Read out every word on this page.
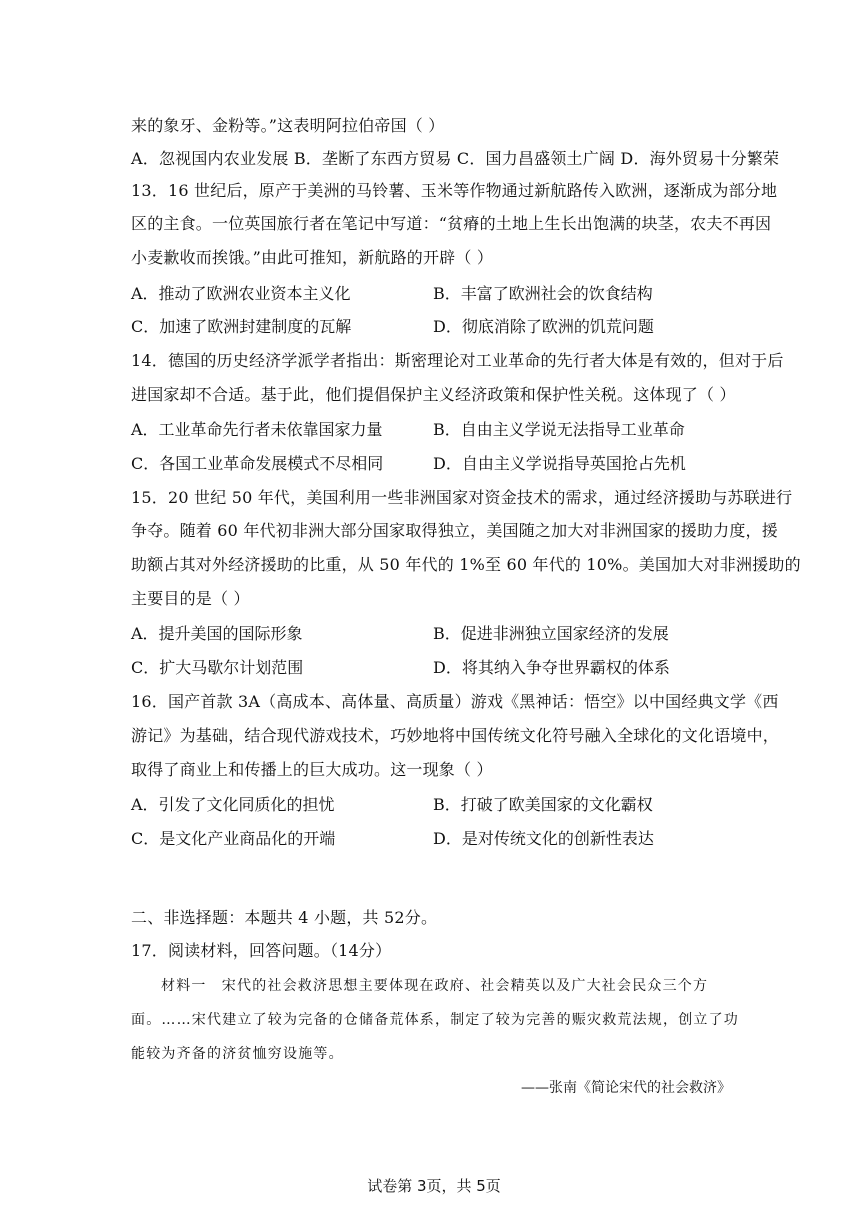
来的象牙、金粉等。”这表明阿拉伯帝国（ ）
A．忽视国内农业发展 B．垄断了东西方贸易 C．国力昌盛领土广阔 D．海外贸易十分繁荣
13．16 世纪后，原产于美洲的马铃薯、玉米等作物通过新航路传入欧洲，逐渐成为部分地
区的主食。一位英国旅行者在笔记中写道：“贫瘠的土地上生长出饱满的块茎，农夫不再因
小麦歉收而挨饿。”由此可推知，新航路的开辟（ ）
A．推动了欧洲农业资本主义化	B．丰富了欧洲社会的饮食结构
C．加速了欧洲封建制度的瓦解	D．彻底消除了欧洲的饥荒问题
14．德国的历史经济学派学者指出：斯密理论对工业革命的先行者大体是有效的，但对于后
进国家却不合适。基于此，他们提倡保护主义经济政策和保护性关税。这体现了（ ）
A．工业革命先行者未依靠国家力量	B．自由主义学说无法指导工业革命
C．各国工业革命发展模式不尽相同	D．自由主义学说指导英国抢占先机
15．20 世纪 50 年代，美国利用一些非洲国家对资金技术的需求，通过经济援助与苏联进行
争夺。随着 60 年代初非洲大部分国家取得独立，美国随之加大对非洲国家的援助力度，援
助额占其对外经济援助的比重，从 50 年代的 1%至 60 年代的 10%。美国加大对非洲援助的
主要目的是（ ）
A．提升美国的国际形象	B．促进非洲独立国家经济的发展
C．扩大马歇尔计划范围	D．将其纳入争夺世界霸权的体系
16．国产首款 3A（高成本、高体量、高质量）游戏《黑神话：悟空》以中国经典文学《西
游记》为基础，结合现代游戏技术，巧妙地将中国传统文化符号融入全球化的文化语境中，
取得了商业上和传播上的巨大成功。这一现象（ ）
A．引发了文化同质化的担忧	B．打破了欧美国家的文化霸权
C．是文化产业商品化的开端	D．是对传统文化的创新性表达
二、非选择题：本题共 4 小题，共 52分。
17．阅读材料，回答问题。（14分）
材料一　宋代的社会救济思想主要体现在政府、社会精英以及广大社会民众三个方
面。……宋代建立了较为完备的仓储备荒体系，制定了较为完善的赈灾救荒法规，创立了功
能较为齐备的济贫恤穷设施等。
——张南《简论宋代的社会救济》
试卷第 3页，共 5页
